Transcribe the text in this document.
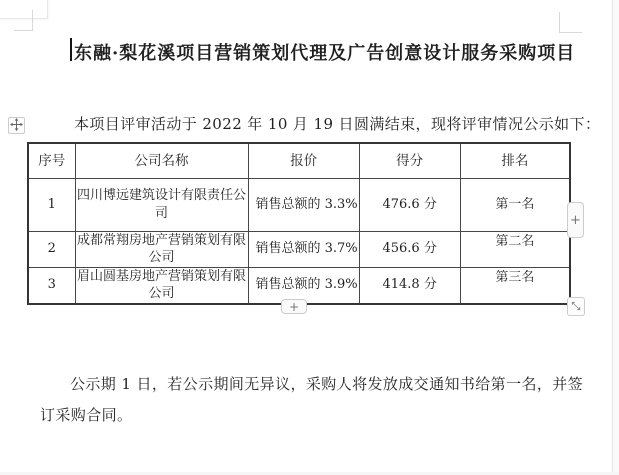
东融·梨花溪项目营销策划代理及广告创意设计服务采购项目
本项目评审活动于 2022 年 10 月 19 日圆满结束，现将评审情况公示如下：
序号	公司名称	报价	得分	排名
1	四川博远建筑设计有限责任公司	销售总额的 3.3%	476.6 分	第一名
2	成都常翔房地产营销策划有限公司	销售总额的 3.7%	456.6 分	第二名
3	眉山圆基房地产营销策划有限公司	销售总额的 3.9%	414.8 分	第三名
+
+
公示期 1 日，若公示期间无异议，采购人将发放成交通知书给第一名，并签
订采购合同。
